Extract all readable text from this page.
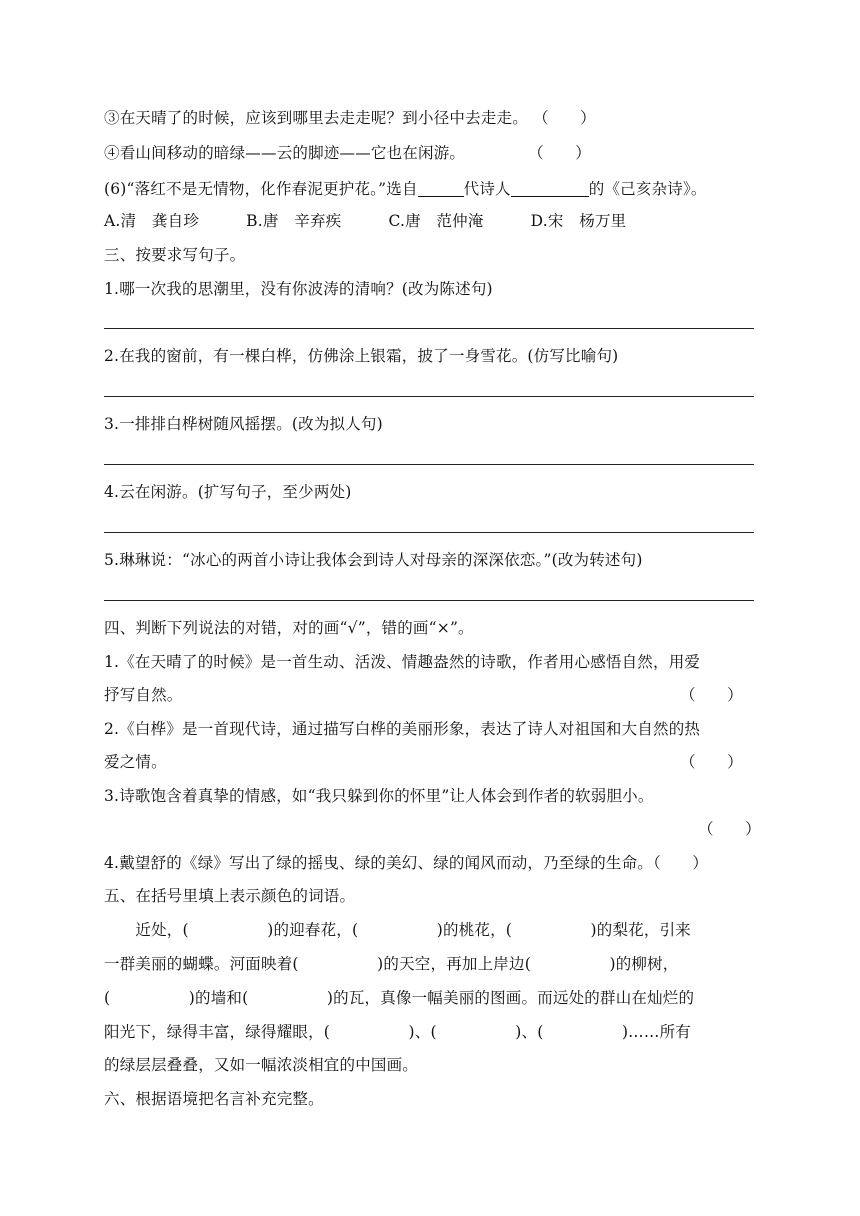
③在天晴了的时候，应该到哪里去走走呢？到小径中去走走。 （　　）
④看山间移动的暗绿——云的脚迹——它也在闲游。　　　　　（　　）
(6)“落红不是无情物，化作春泥更护花。”选自	代诗人	的《己亥杂诗》。
A.清　龚自珍　　　B.唐　辛弃疾　　　C.唐　范仲淹　　　D.宋　杨万里
三、按要求写句子。
1.哪一次我的思潮里，没有你波涛的清响？(改为陈述句)
2.在我的窗前，有一棵白桦，仿佛涂上银霜，披了一身雪花。(仿写比喻句)
3.一排排白桦树随风摇摆。(改为拟人句)
4.云在闲游。(扩写句子，至少两处)
5.琳琳说：“冰心的两首小诗让我体会到诗人对母亲的深深依恋。”(改为转述句)
四、判断下列说法的对错，对的画“√”，错的画“×”。
1.《在天晴了的时候》是一首生动、活泼、情趣盎然的诗歌，作者用心感悟自然，用爱
抒写自然。	（　　）
2.《白桦》是一首现代诗，通过描写白桦的美丽形象，表达了诗人对祖国和大自然的热
爱之情。	（　　）
3.诗歌饱含着真挚的情感，如“我只躲到你的怀里”让人体会到作者的软弱胆小。
（　　）
4.戴望舒的《绿》写出了绿的摇曳、绿的美幻、绿的闻风而动，乃至绿的生命。（　　）
五、在括号里填上表示颜色的词语。
　　近处，(　　　　　)的迎春花，(　　　　　)的桃花，(　　　　　)的梨花，引来
一群美丽的蝴蝶。河面映着(　　　　　)的天空，再加上岸边(　　　　　)的柳树，
(　　　　　)的墙和(　　　　　)的瓦，真像一幅美丽的图画。而远处的群山在灿烂的
阳光下，绿得丰富，绿得耀眼，(　　　　　)、(　　　　　)、(　　　　　)……所有
的绿层层叠叠，又如一幅浓淡相宜的中国画。
六、根据语境把名言补充完整。
